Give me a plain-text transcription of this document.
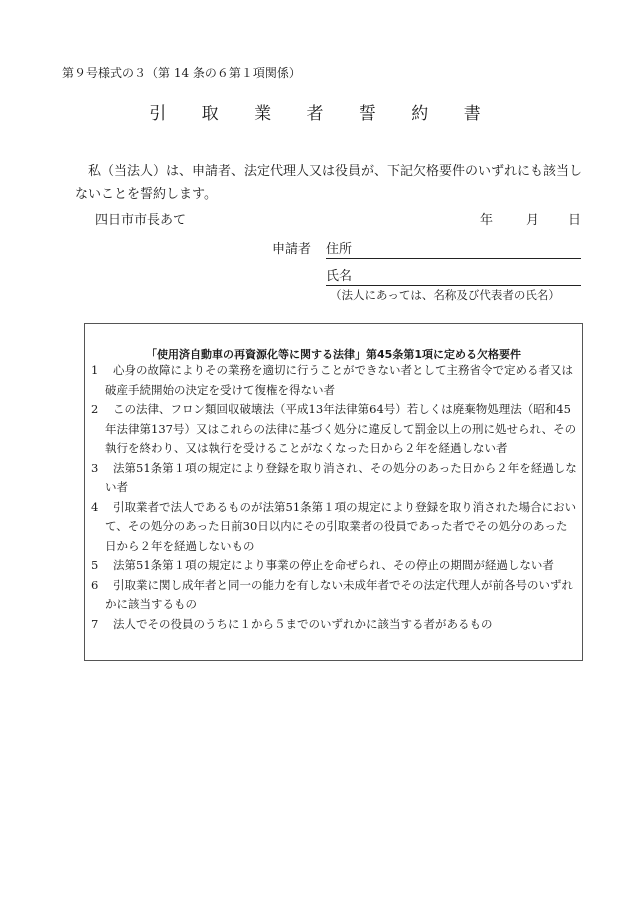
第９号様式の３（第 14 条の６第１項関係）
引 取 業 者 誓 約 書
私（当法人）は、申請者、法定代理人又は役員が、下記欠格要件のいずれにも該当しないことを誓約します。
四日市市長あて	年	月 日
申請者 住所
氏名
（法人にあっては、名称及び代表者の氏名）
「使用済自動車の再資源化等に関する法律」第45条第1項に定める欠格要件
1 心身の故障によりその業務を適切に行うことができない者として主務省令で定める者又は破産手続開始の決定を受けて復権を得ない者
2 この法律、フロン類回収破壊法（平成13年法律第64号）若しくは廃棄物処理法（昭和45年法律第137号）又はこれらの法律に基づく処分に違反して罰金以上の刑に処せられ、その執行を終わり、又は執行を受けることがなくなった日から２年を経過しない者
3 法第51条第１項の規定により登録を取り消され、その処分のあった日から２年を経過しない者
4 引取業者で法人であるものが法第51条第１項の規定により登録を取り消された場合において、その処分のあった日前30日以内にその引取業者の役員であった者でその処分のあった日から２年を経過しないもの
5 法第51条第１項の規定により事業の停止を命ぜられ、その停止の期間が経過しない者
6 引取業に関し成年者と同一の能力を有しない未成年者でその法定代理人が前各号のいずれかに該当するもの
7 法人でその役員のうちに１から５までのいずれかに該当する者があるもの
